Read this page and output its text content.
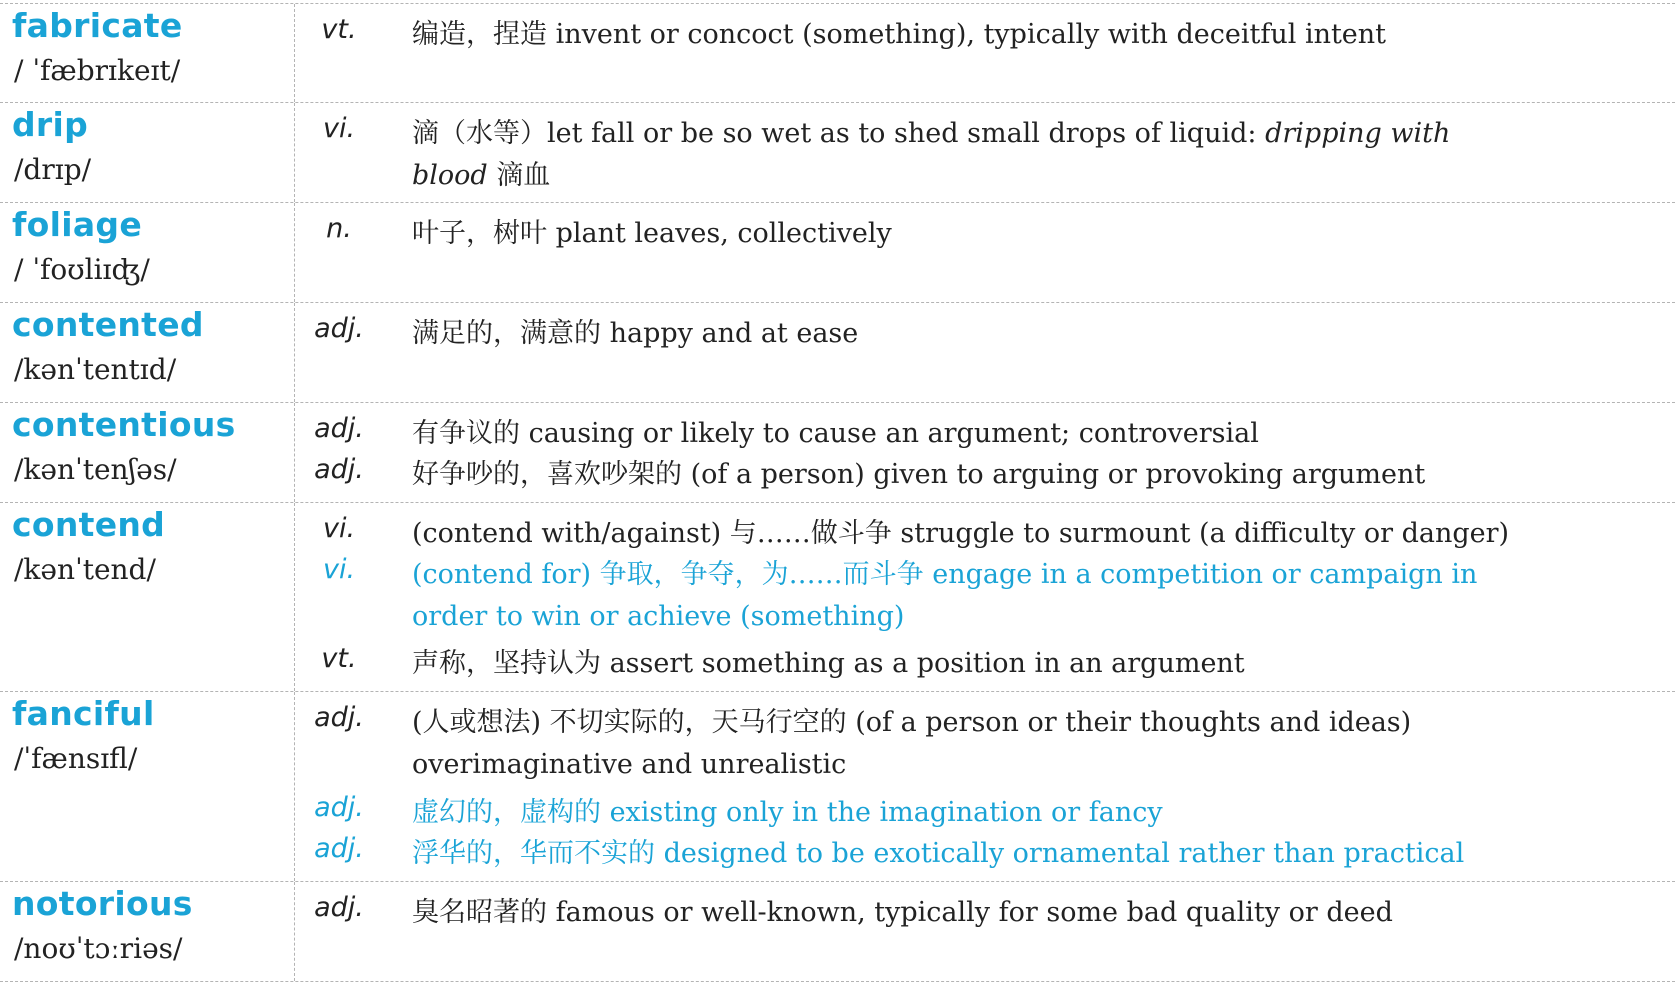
fabricate
/ ˈfæbrɪkeɪt/
vt.	编造，捏造 invent or concoct (something), typically with deceitful intent
drip
/drɪp/
vi.	滴（水等）let fall or be so wet as to shed small drops of liquid: dripping with
blood 滴血
foliage
/ ˈfoʊliɪʤ/
n.	叶子，树叶 plant leaves, collectively
contented
/kənˈtentɪd/
adj.	满足的，满意的 happy and at ease
contentious
/kənˈtenʃəs/
adj.	有争议的 causing or likely to cause an argument; controversial
adj.	好争吵的，喜欢吵架的 (of a person) given to arguing or provoking argument
contend
/kənˈtend/
vi.	(contend with/against) 与……做斗争 struggle to surmount (a difficulty or danger)
vi.	(contend for) 争取，争夺，为……而斗争 engage in a competition or campaign in
order to win or achieve (something)
vt.	声称，坚持认为 assert something as a position in an argument
fanciful
/ˈfænsɪfl/
adj.	(人或想法) 不切实际的，天马行空的 (of a person or their thoughts and ideas)
overimaginative and unrealistic
adj.	虚幻的，虚构的 existing only in the imagination or fancy
adj.	浮华的，华而不实的 designed to be exotically ornamental rather than practical
notorious
/noʊˈtɔːriəs/
adj.	臭名昭著的 famous or well-known, typically for some bad quality or deed
